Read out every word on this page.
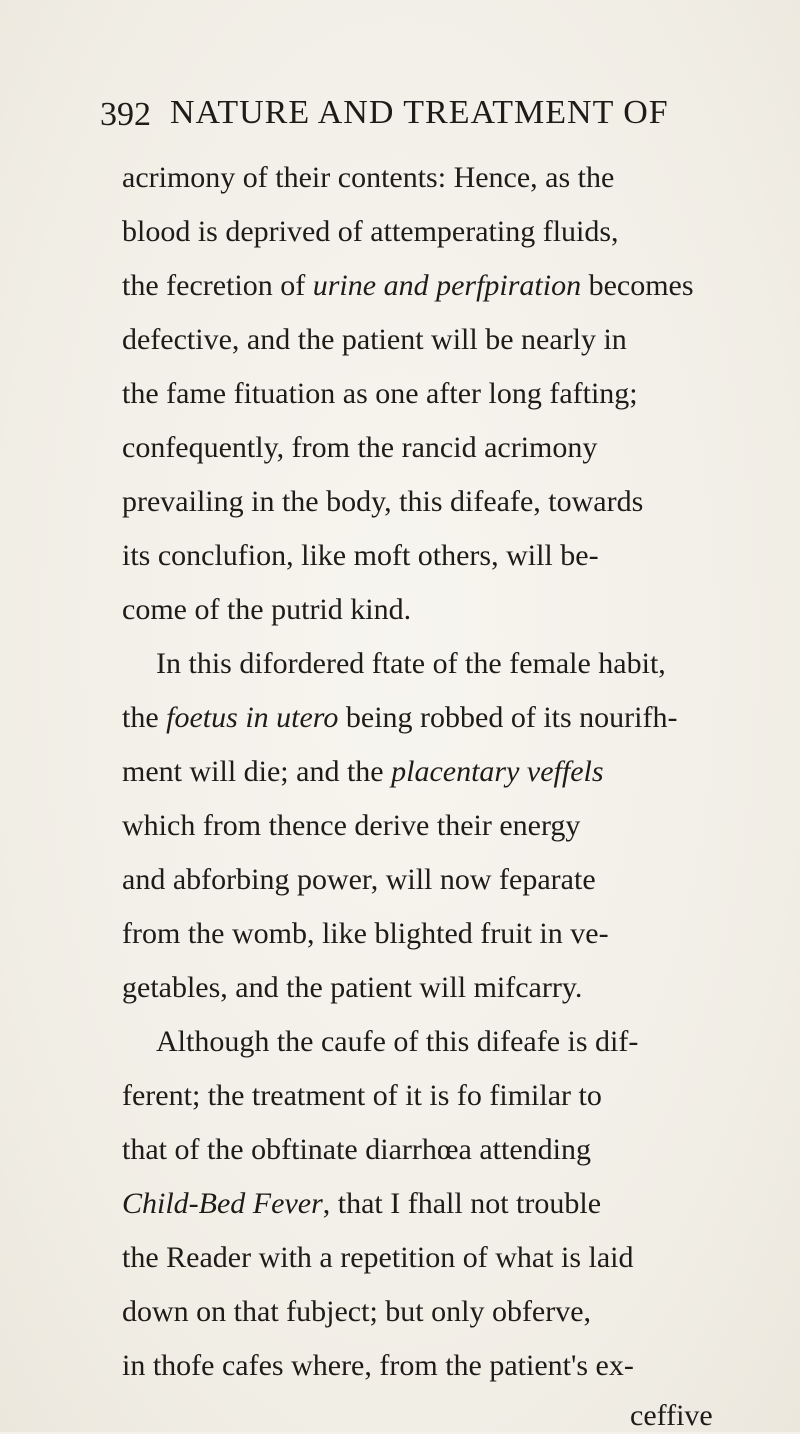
392 NATURE AND TREATMENT OF
acrimony of their contents: Hence, as the
blood is deprived of attemperating fluids,
the fecretion of urine and perfpiration becomes
defective, and the patient will be nearly in
the fame fituation as one after long fafting;
confequently, from the rancid acrimony
prevailing in the body, this difeafe, towards
its conclufion, like moft others, will be-
come of the putrid kind.
In this difordered ftate of the female habit,
the foetus in utero being robbed of its nourifh-
ment will die; and the placentary veffels
which from thence derive their energy
and abforbing power, will now feparate
from the womb, like blighted fruit in ve-
getables, and the patient will mifcarry.
Although the caufe of this difeafe is dif-
ferent; the treatment of it is fo fimilar to
that of the obftinate diarrhœa attending
Child-Bed Fever, that I fhall not trouble
the Reader with a repetition of what is laid
down on that fubject; but only obferve,
in thofe cafes where, from the patient's ex-
ceffive
